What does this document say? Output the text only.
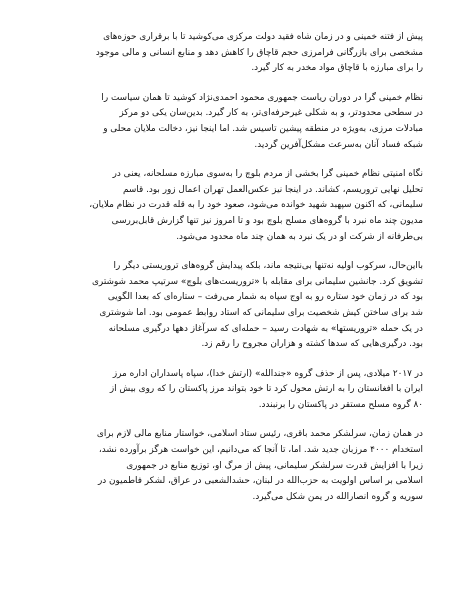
پیش از فتنه خمینی و در زمان شاه فقید دولت مرکزی می‌کوشید تا با برقراری حوزه‌های
مشخصی برای بازرگانی فرامرزی حجم قاچاق را کاهش دهد و منابع انسانی و مالی موجود
را برای مبارزه با قاچاق مواد مخدر به کار گیرد.

نظام خمینی گرا در دوران ریاست جمهوری محمود احمدی‌نژاد کوشید تا همان سیاست را
در سطحی محدودتر، و به شکلی غیرحرفه‌ای‌تر، به کار گیرد. بدین‌سان یکی دو مرکز
مبادلات مرزی، به‌ویژه در منطقه پیشین تاسیس شد. اما اینجا نیز، دخالت ملایان محلی و
شبکه فساد آنان به‌سرعت مشکل‌آفرین گردید.

نگاه امنیتی نظام خمینی گرا بخشی از مردم بلوچ را به‌سوی مبارزه مسلحانه، یعنی در
تحلیل نهایی تروریسم، کشاند. در اینجا نیز عکس‌العمل تهران اعمال زور بود. قاسم
سلیمانی، که اکنون سپهبد شهید خوانده می‌شود، صعود خود را به قله قدرت در نظام ملایان،
مدیون چند ماه نبرد با گروه‌های مسلح بلوچ بود و تا امروز نیز تنها گزارش قابل‌بررسی
بی‌طرفانه از شرکت او در یک نبرد به همان چند ماه محدود می‌شود.

بااین‌حال، سرکوب اولیه نه‌تنها بی‌نتیجه ماند، بلکه پیدایش گروه‌های تروریستی دیگر را
تشویق کرد. جانشین سلیمانی برای مقابله با «تروریست‌های بلوچ» سرتیپ محمد شوشتری
بود که در زمان خود ستاره رو به اوج سپاه به شمار می‌رفت – ستاره‌ای که بعدا الگویی
شد برای ساختن کیش شخصیت برای سلیمانی که استاد روابط عمومی بود. اما شوشتری
در یک حمله «تروریستها» به شهادت رسید – حمله‌ای که سرآغاز دهها درگیری مسلحانه
بود. درگیری‌هایی که سدها کشته و هزاران مجروح را رقم زد.

در ۲۰۱۷ میلادی، پس از حذف گروه «جندالله» (ارتش خدا)، سپاه پاسداران اداره مرز
ایران با افغانستان را به ارتش محول کرد تا خود بتواند مرز پاکستان را که روی بیش از
۸۰ گروه مسلح مستقر در پاکستان را برنبندد.

در همان زمان، سرلشکر محمد باقری، رئیس ستاد اسلامی، خواستار منابع مالی لازم برای
استخدام ۴۰۰۰ مرزبان جدید شد. اما، تا آنجا که می‌دانیم، این خواست هرگز برآورده نشد،
زیرا با افزایش قدرت سرلشکر سلیمانی، پیش از مرگ او، توزیع منابع در جمهوری
اسلامی بر اساس اولویت به حزب‌الله در لبنان، حشدالشعبی در عراق، لشکر فاطمیون در
سوریه و گروه انصارالله در یمن شکل می‌گیرد.
